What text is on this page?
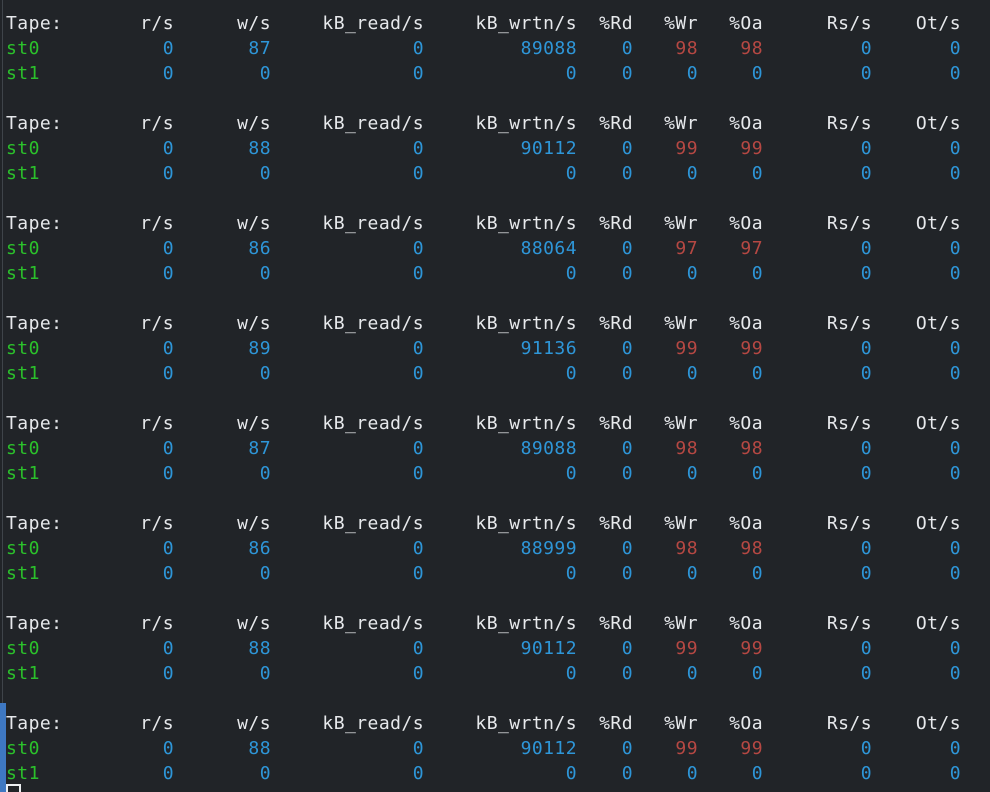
Tape:	r/s	w/s	kB_read/s	kB_wrtn/s	%Rd	%Wr	%Oa	Rs/s	Ot/s
st0	0	87	0	89088	0	98	98	0	0
st1	0	0	0	0	0	0	0	0	0
Tape:	r/s	w/s	kB_read/s	kB_wrtn/s	%Rd	%Wr	%Oa	Rs/s	Ot/s
st0	0	88	0	90112	0	99	99	0	0
st1	0	0	0	0	0	0	0	0	0
Tape:	r/s	w/s	kB_read/s	kB_wrtn/s	%Rd	%Wr	%Oa	Rs/s	Ot/s
st0	0	86	0	88064	0	97	97	0	0
st1	0	0	0	0	0	0	0	0	0
Tape:	r/s	w/s	kB_read/s	kB_wrtn/s	%Rd	%Wr	%Oa	Rs/s	Ot/s
st0	0	89	0	91136	0	99	99	0	0
st1	0	0	0	0	0	0	0	0	0
Tape:	r/s	w/s	kB_read/s	kB_wrtn/s	%Rd	%Wr	%Oa	Rs/s	Ot/s
st0	0	87	0	89088	0	98	98	0	0
st1	0	0	0	0	0	0	0	0	0
Tape:	r/s	w/s	kB_read/s	kB_wrtn/s	%Rd	%Wr	%Oa	Rs/s	Ot/s
st0	0	86	0	88999	0	98	98	0	0
st1	0	0	0	0	0	0	0	0	0
Tape:	r/s	w/s	kB_read/s	kB_wrtn/s	%Rd	%Wr	%Oa	Rs/s	Ot/s
st0	0	88	0	90112	0	99	99	0	0
st1	0	0	0	0	0	0	0	0	0
Tape:	r/s	w/s	kB_read/s	kB_wrtn/s	%Rd	%Wr	%Oa	Rs/s	Ot/s
st0	0	88	0	90112	0	99	99	0	0
st1	0	0	0	0	0	0	0	0	0
